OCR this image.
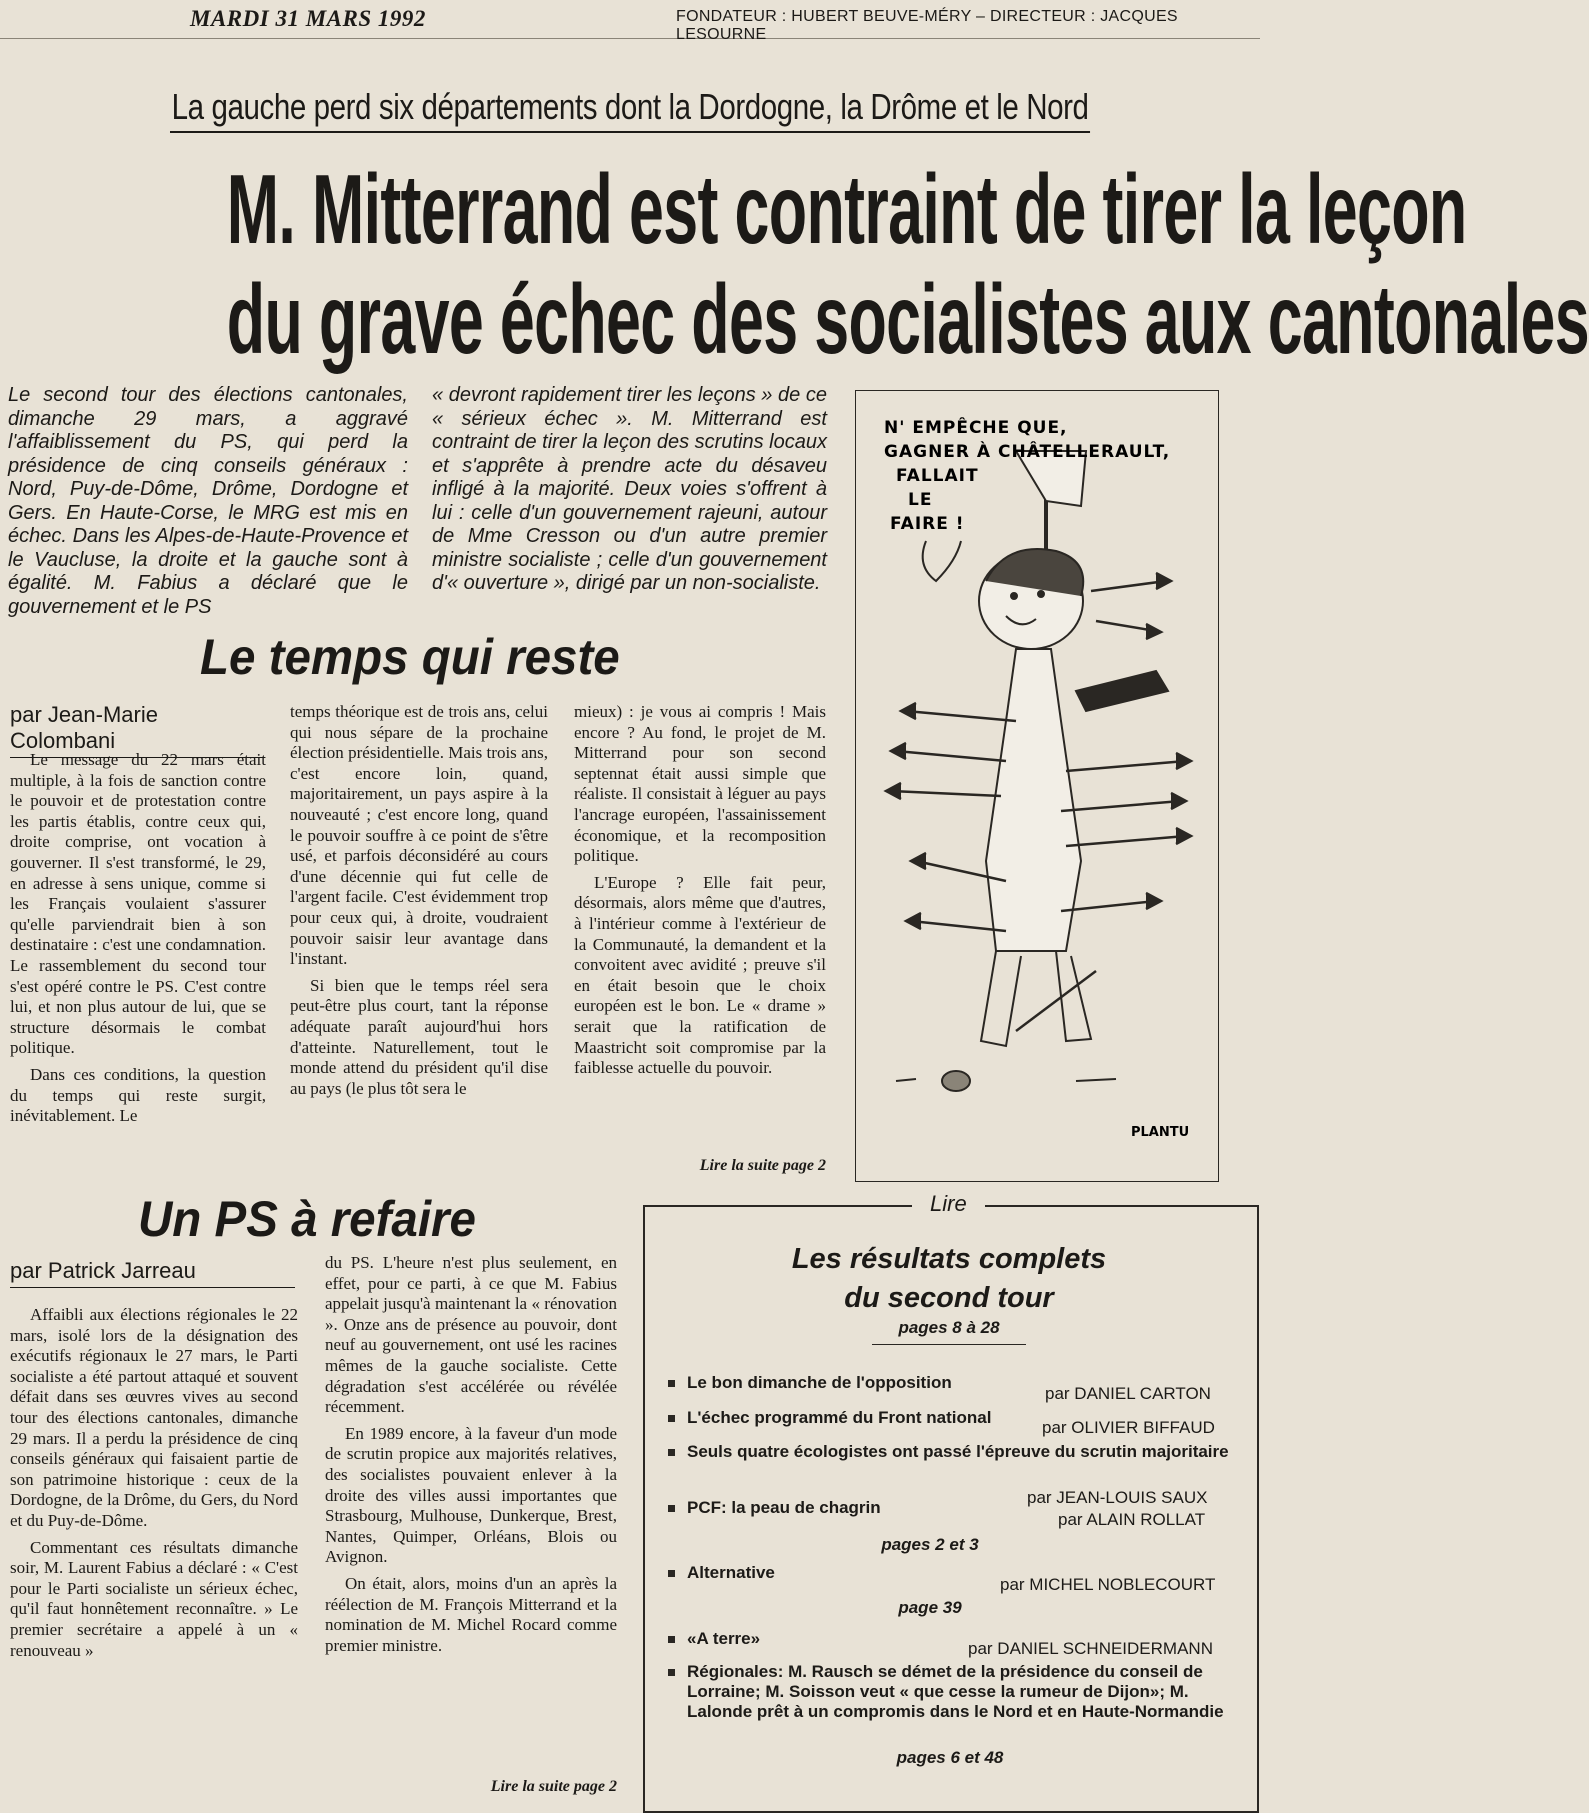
MARDI 31 MARS 1992	FONDATEUR : HUBERT BEUVE-MÉRY – DIRECTEUR : JACQUES LESOURNE
La gauche perd six départements dont la Dordogne, la Drôme et le Nord
M. Mitterrand est contraint de tirer la leçon
du grave échec des socialistes aux cantonales
Le second tour des élections cantonales, dimanche 29 mars, a aggravé l'affaiblissement du PS, qui perd la présidence de cinq conseils généraux : Nord, Puy-de-Dôme, Drôme, Dordogne et Gers. En Haute-Corse, le MRG est mis en échec. Dans les Alpes-de-Haute-Provence et le Vaucluse, la droite et la gauche sont à égalité. M. Fabius a déclaré que le gouvernement et le PS
« devront rapidement tirer les leçons » de ce « sérieux échec ». M. Mitterrand est contraint de tirer la leçon des scrutins locaux et s'apprête à prendre acte du désaveu infligé à la majorité. Deux voies s'offrent à lui : celle d'un gouvernement rajeuni, autour de Mme Cresson ou d'un autre premier ministre socialiste ; celle d'un gouvernement d'« ouverture », dirigé par un non-socialiste.
Le temps qui reste
par Jean-Marie Colombani

Le message du 22 mars était multiple, à la fois de sanction contre le pouvoir et de protestation contre les partis établis, contre ceux qui, droite comprise, ont vocation à gouverner. Il s'est transformé, le 29, en adresse à sens unique, comme si les Français voulaient s'assurer qu'elle parviendrait bien à son destinataire : c'est une condamnation. Le rassemblement du second tour s'est opéré contre le PS. C'est contre lui, et non plus autour de lui, que se structure désormais le combat politique.

Dans ces conditions, la question du temps qui reste surgit, inévitablement. Le

temps théorique est de trois ans, celui qui nous sépare de la prochaine élection présidentielle. Mais trois ans, c'est encore loin, quand, majoritairement, un pays aspire à la nouveauté ; c'est encore long, quand le pouvoir souffre à ce point de s'être usé, et parfois déconsidéré au cours d'une décennie qui fut celle de l'argent facile. C'est évidemment trop pour ceux qui, à droite, voudraient pouvoir saisir leur avantage dans l'instant.

Si bien que le temps réel sera peut-être plus court, tant la réponse adéquate paraît aujourd'hui hors d'atteinte. Naturellement, tout le monde attend du président qu'il dise au pays (le plus tôt sera le

mieux) : je vous ai compris ! Mais encore ? Au fond, le projet de M. Mitterrand pour son second septennat était aussi simple que réaliste. Il consistait à léguer au pays l'ancrage européen, l'assainissement économique, et la recomposition politique.

L'Europe ? Elle fait peur, désormais, alors même que d'autres, à l'intérieur comme à l'extérieur de la Communauté, la demandent et la convoitent avec avidité ; preuve s'il en était besoin que le choix européen est le bon. Le « drame » serait que la ratification de Maastricht soit compromise par la faiblesse actuelle du pouvoir.

Lire la suite page 2
N' EMPÊCHE QUE,
GAGNER À CHÂTELLERAULT,
FALLAIT
LE
FAIRE !
PLANTU
Un PS à refaire
par Patrick Jarreau

Affaibli aux élections régionales le 22 mars, isolé lors de la désignation des exécutifs régionaux le 27 mars, le Parti socialiste a été partout attaqué et souvent défait dans ses œuvres vives au second tour des élections cantonales, dimanche 29 mars. Il a perdu la présidence de cinq conseils généraux qui faisaient partie de son patrimoine historique : ceux de la Dordogne, de la Drôme, du Gers, du Nord et du Puy-de-Dôme.

Commentant ces résultats dimanche soir, M. Laurent Fabius a déclaré : « C'est pour le Parti socialiste un sérieux échec, qu'il faut honnêtement reconnaître. » Le premier secrétaire a appelé à un « renouveau »

du PS. L'heure n'est plus seulement, en effet, pour ce parti, à ce que M. Fabius appelait jusqu'à maintenant la « rénovation ». Onze ans de présence au pouvoir, dont neuf au gouvernement, ont usé les racines mêmes de la gauche socialiste. Cette dégradation s'est accélérée ou révélée récemment.

En 1989 encore, à la faveur d'un mode de scrutin propice aux majorités relatives, des socialistes pouvaient enlever à la droite des villes aussi importantes que Strasbourg, Mulhouse, Dunkerque, Brest, Nantes, Quimper, Orléans, Blois ou Avignon.

On était, alors, moins d'un an après la réélection de M. François Mitterrand et la nomination de M. Michel Rocard comme premier ministre.

Lire la suite page 2
Lire
Les résultats complets
du second tour
pages 8 à 28
Le bon dimanche de l'opposition
par DANIEL CARTON
L'échec programmé du Front national
par OLIVIER BIFFAUD
Seuls quatre écologistes ont passé l'épreuve du scrutin majoritaire
par JEAN-LOUIS SAUX
PCF: la peau de chagrin
par ALAIN ROLLAT
pages 2 et 3
Alternative
par MICHEL NOBLECOURT
page 39
«A terre»
par DANIEL SCHNEIDERMANN
Régionales: M. Rausch se démet de la présidence du conseil de Lorraine; M. Soisson veut « que cesse la rumeur de Dijon»; M. Lalonde prêt à un compromis dans le Nord et en Haute-Normandie
pages 6 et 48
